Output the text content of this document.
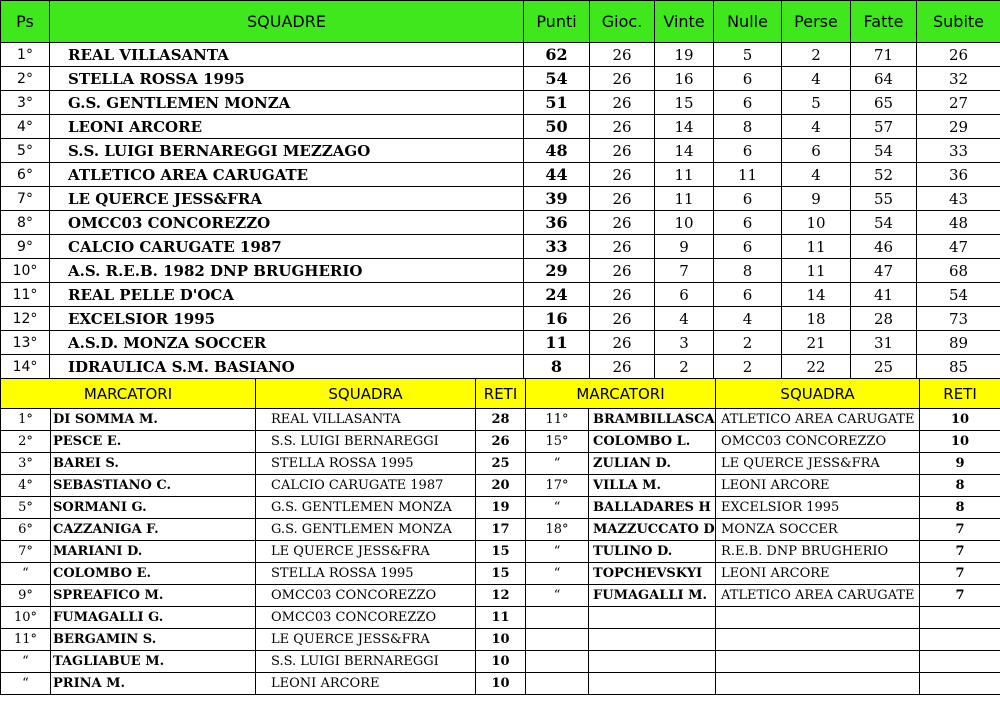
Ps	SQUADRE	Punti	Gioc.	Vinte	Nulle	Perse	Fatte	Subite
1°	REAL VILLASANTA	62	26	19	5	2	71	26
2°	STELLA ROSSA 1995	54	26	16	6	4	64	32
3°	G.S. GENTLEMEN MONZA	51	26	15	6	5	65	27
4°	LEONI ARCORE	50	26	14	8	4	57	29
5°	S.S. LUIGI BERNAREGGI MEZZAGO	48	26	14	6	6	54	33
6°	ATLETICO AREA CARUGATE	44	26	11	11	4	52	36
7°	LE QUERCE JESS&FRA	39	26	11	6	9	55	43
8°	OMCC03 CONCOREZZO	36	26	10	6	10	54	48
9°	CALCIO CARUGATE 1987	33	26	9	6	11	46	47
10°	A.S. R.E.B. 1982 DNP BRUGHERIO	29	26	7	8	11	47	68
11°	REAL PELLE D'OCA	24	26	6	6	14	41	54
12°	EXCELSIOR 1995	16	26	4	4	18	28	73
13°	A.S.D. MONZA SOCCER	11	26	3	2	21	31	89
14°	IDRAULICA S.M. BASIANO	8	26	2	2	22	25	85
MARCATORI		SQUADRA	RETI	MARCATORI		SQUADRA	RETI
1°	DI SOMMA M.	REAL VILLASANTA	28	11°	BRAMBILLASCA	ATLETICO AREA CARUGATE	10
2°	PESCE E.	S.S. LUIGI BERNAREGGI	26	15°	COLOMBO L.	OMCC03 CONCOREZZO	10
3°	BAREI S.	STELLA ROSSA 1995	25	“	ZULIAN D.	LE QUERCE JESS&FRA	9
4°	SEBASTIANO C.	CALCIO CARUGATE 1987	20	17°	VILLA M.	LEONI ARCORE	8
5°	SORMANI G.	G.S. GENTLEMEN MONZA	19	“	BALLADARES H	EXCELSIOR 1995	8
6°	CAZZANIGA F.	G.S. GENTLEMEN MONZA	17	18°	MAZZUCCATO D	MONZA SOCCER	7
7°	MARIANI D.	LE QUERCE JESS&FRA	15	“	TULINO D.	R.E.B. DNP BRUGHERIO	7
“	COLOMBO E.	STELLA ROSSA 1995	15	“	TOPCHEVSKYI	LEONI ARCORE	7
9°	SPREAFICO M.	OMCC03 CONCOREZZO	12	“	FUMAGALLI M.	ATLETICO AREA CARUGATE	7
10°	FUMAGALLI G.	OMCC03 CONCOREZZO	11				
11°	BERGAMIN S.	LE QUERCE JESS&FRA	10				
“	TAGLIABUE M.	S.S. LUIGI BERNAREGGI	10				
“	PRINA M.	LEONI ARCORE	10				
